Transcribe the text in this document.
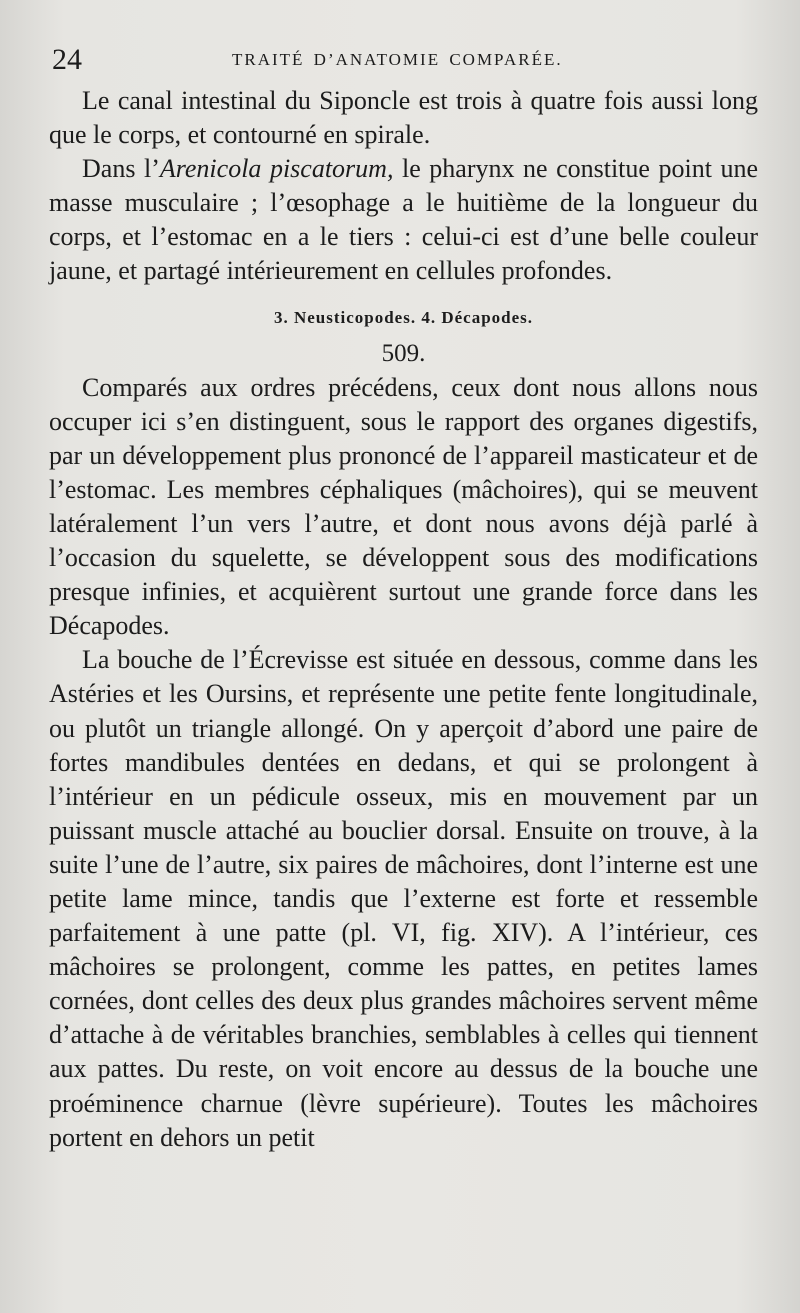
24	TRAITÉ D’ANATOMIE COMPARÉE.

Le canal intestinal du Siponcle est trois à quatre fois aussi long que le corps, et contourné en spirale.

Dans l’Arenicola piscatorum, le pharynx ne constitue point une masse musculaire ; l’œsophage a le huitième de la longueur du corps, et l’estomac en a le tiers : celui-ci est d’une belle couleur jaune, et partagé intérieurement en cellules profondes.

3. Neusticopodes. 4. Décapodes.
509.

Comparés aux ordres précédens, ceux dont nous allons nous occuper ici s’en distinguent, sous le rapport des organes digestifs, par un développement plus prononcé de l’appareil masticateur et de l’estomac. Les membres céphaliques (mâchoires), qui se meuvent latéralement l’un vers l’autre, et dont nous avons déjà parlé à l’occasion du squelette, se développent sous des modifications presque infinies, et acquièrent surtout une grande force dans les Décapodes.

La bouche de l’Écrevisse est située en dessous, comme dans les Astéries et les Oursins, et représente une petite fente longitudinale, ou plutôt un triangle allongé. On y aperçoit d’abord une paire de fortes mandibules dentées en dedans, et qui se prolongent à l’intérieur en un pédicule osseux, mis en mouvement par un puissant muscle attaché au bouclier dorsal. Ensuite on trouve, à la suite l’une de l’autre, six paires de mâchoires, dont l’interne est une petite lame mince, tandis que l’externe est forte et ressemble parfaitement à une patte (pl. VI, fig. XIV). A l’intérieur, ces mâchoires se prolongent, comme les pattes, en petites lames cornées, dont celles des deux plus grandes mâchoires servent même d’attache à de véritables branchies, semblables à celles qui tiennent aux pattes. Du reste, on voit encore au dessus de la bouche une proéminence charnue (lèvre supérieure). Toutes les mâchoires portent en dehors un petit
